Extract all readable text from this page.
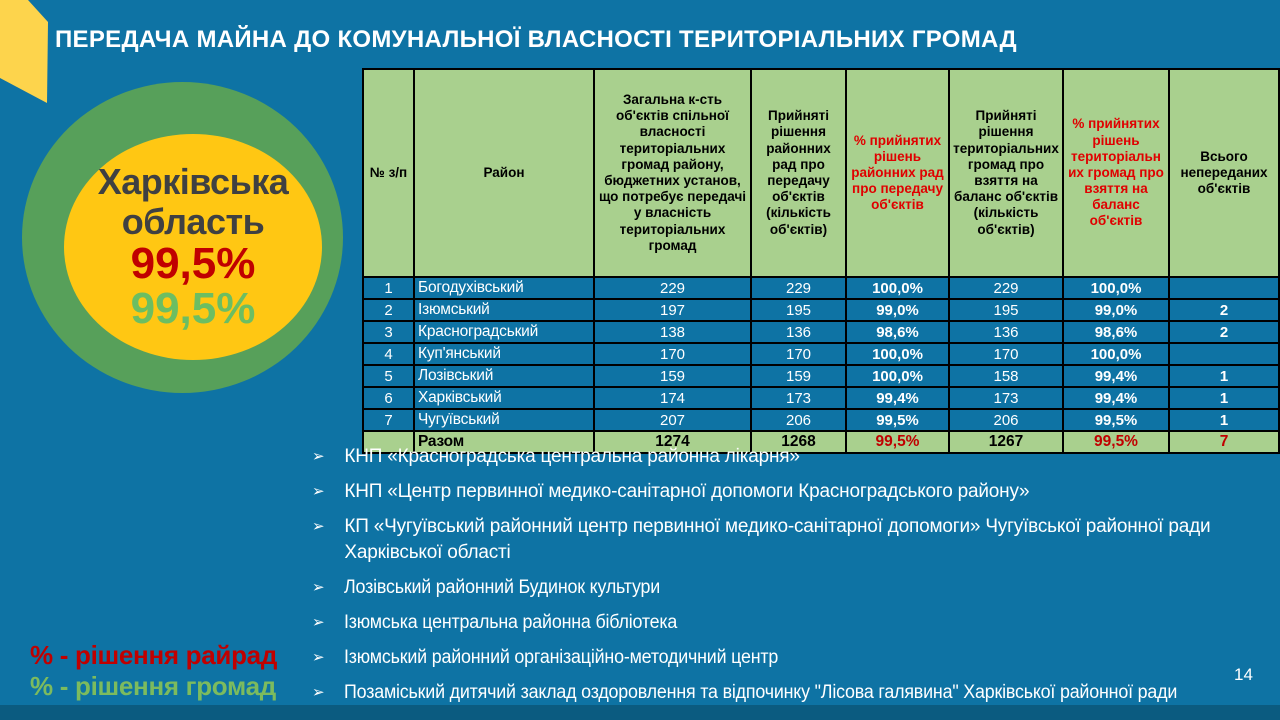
ПЕРЕДАЧА МАЙНА ДО КОМУНАЛЬНОЇ ВЛАСНОСТІ ТЕРИТОРІАЛЬНИХ ГРОМАД
Харківська
область
99,5%
99,5%
№ з/п	Район	Загальна к-сть об'єктів спільної власності територіальних громад району, бюджетних установ, що потребує передачі у власність територіальних громад	Прийняті рішення районних рад про передачу об'єктів (кількість об'єктів)	% прийнятих рішень районних рад про передачу об'єктів	Прийняті рішення територіальних громад про взяття на баланс об'єктів (кількість об'єктів)	% прийнятих рішень територіальних громад про взяття на баланс об'єктів	Всього непереданих об'єктів
1	Богодухівський	229	229	100,0%	229	100,0%	
2	Ізюмський	197	195	99,0%	195	99,0%	2
3	Красноградський	138	136	98,6%	136	98,6%	2
4	Куп'янський	170	170	100,0%	170	100,0%	
5	Лозівський	159	159	100,0%	158	99,4%	1
6	Харківський	174	173	99,4%	173	99,4%	1
7	Чугуївський	207	206	99,5%	206	99,5%	1
	Разом	1274	1268	99,5%	1267	99,5%	7
➢ КНП «Красноградська центральна районна лікарня»
➢ КНП «Центр первинної медико-санітарної допомоги Красноградського району»
➢ КП «Чугуївський районний центр первинної медико-санітарної допомоги» Чугуївської районної ради Харківської області
➢ Лозівський районний Будинок культури
➢ Ізюмська центральна районна бібліотека
➢ Ізюмський районний організаційно-методичний центр
➢ Позаміський дитячий заклад оздоровлення та відпочинку "Лісова галявина" Харківської районної ради
% - рішення райрад
% - рішення громад	14
